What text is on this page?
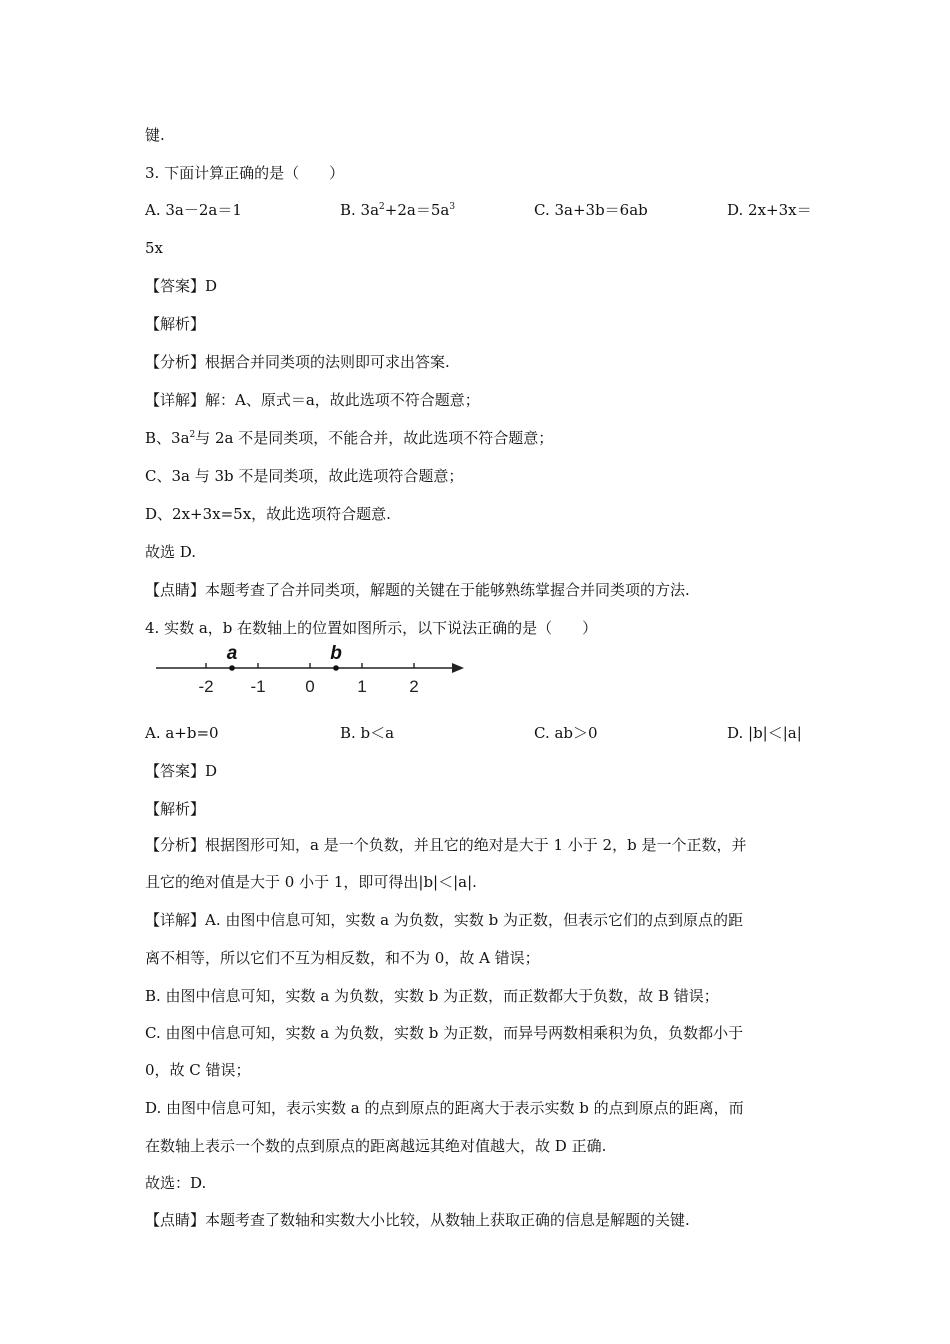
键.
3. 下面计算正确的是（　　）
A. 3a－2a＝1	B. $3a^2+2a=5a^3$	C. 3a+3b＝6ab	D. 2x+3x＝
5x
【答案】D
【解析】
【分析】根据合并同类项的法则即可求出答案.
【详解】解：A、原式＝a，故此选项不符合题意；
B、$3a^2$与 2a 不是同类项，不能合并，故此选项不符合题意；
C、3a 与 3b 不是同类项，故此选项符合题意；
D、2x+3x=5x，故此选项符合题意.
故选 D.
【点睛】本题考查了合并同类项，解题的关键在于能够熟练掌握合并同类项的方法.
4. 实数 a，b 在数轴上的位置如图所示，以下说法正确的是（　　）
-2 -1 0	1	2
a	b
A. a+b=0	B. b＜a	C. ab＞0	D. |b|＜|a|
【答案】D
【解析】
【分析】根据图形可知，a 是一个负数，并且它的绝对是大于 1 小于 2，b 是一个正数，并
且它的绝对值是大于 0 小于 1，即可得出|b|＜|a|.
【详解】A. 由图中信息可知，实数 a 为负数，实数 b 为正数，但表示它们的点到原点的距
离不相等，所以它们不互为相反数，和不为 0，故 A 错误；
B. 由图中信息可知，实数 a 为负数，实数 b 为正数，而正数都大于负数，故 B 错误；
C. 由图中信息可知，实数 a 为负数，实数 b 为正数，而异号两数相乘积为负，负数都小于
0，故 C 错误；
D. 由图中信息可知，表示实数 a 的点到原点的距离大于表示实数 b 的点到原点的距离，而
在数轴上表示一个数的点到原点的距离越远其绝对值越大，故 D 正确.
故选：D.
【点睛】本题考查了数轴和实数大小比较，从数轴上获取正确的信息是解题的关键.
